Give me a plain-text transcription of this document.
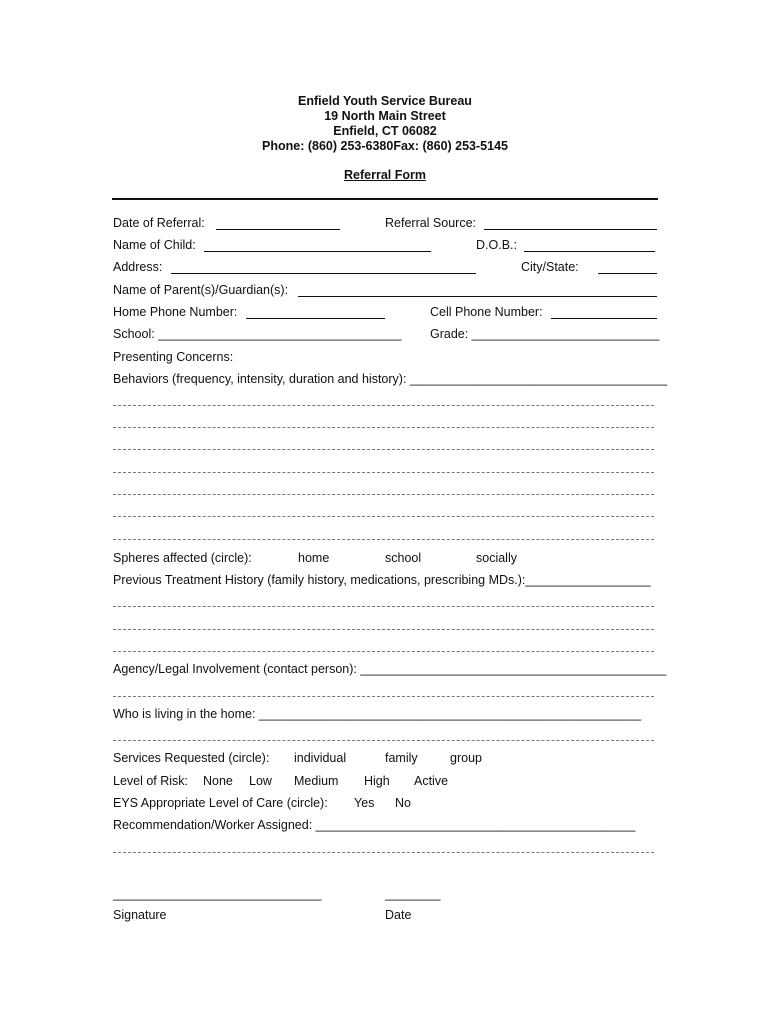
Enfield Youth Service Bureau
19 North Main Street
Enfield, CT 06082
Phone: (860) 253-6380Fax: (860) 253-5145
Referral Form
Date of Referral:	Referral Source:
Name of Child:	D.O.B.:
Address:	City/State:
Name of Parent(s)/Guardian(s):
Home Phone Number:	Cell Phone Number:
School: ___________________________________ Grade: ___________________________
Presenting Concerns:
Behaviors (frequency, intensity, duration and history): _____________________________________
Spheres affected (circle):	home	school	socially
Previous Treatment History (family history, medications, prescribing MDs.):__________________
Agency/Legal Involvement (contact person): ____________________________________________
Who is living in the home: _______________________________________________________
Services Requested (circle): individual	family	group
Level of Risk: None Low Medium High Active
EYS Appropriate Level of Care (circle): Yes No
Recommendation/Worker Assigned: ______________________________________________
______________________________	________
Signature	Date
